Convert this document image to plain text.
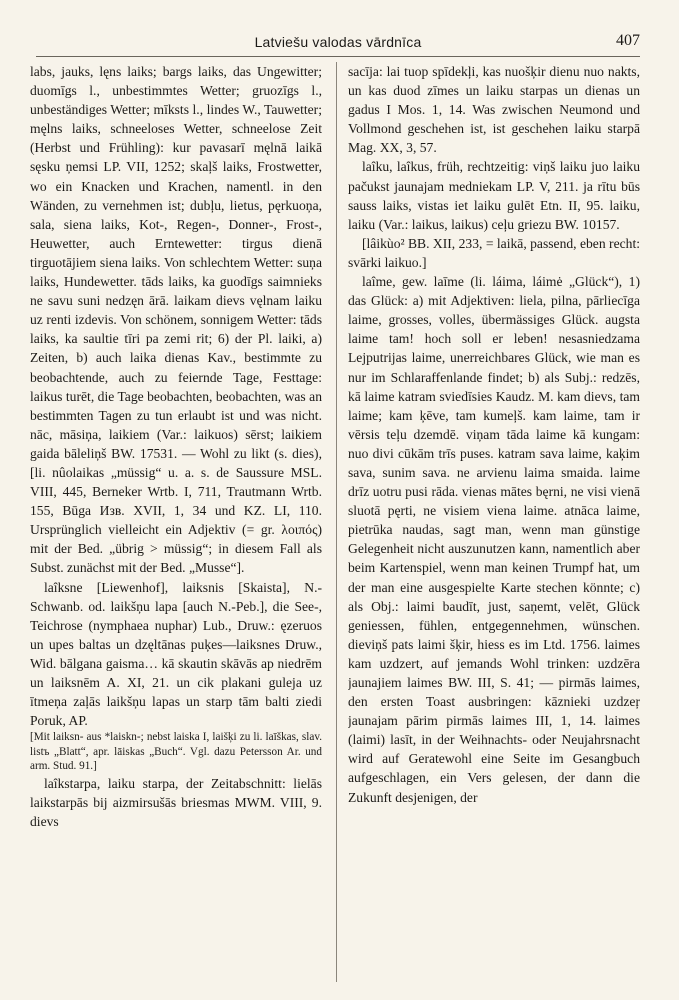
Latviešu valodas vārdnīca	407

labs, jauks, lęns laiks; bargs laiks, das Ungewitter; duomīgs l., unbestimmtes Wetter; gruozīgs l., unbeständiges Wetter; mīksts l., lindes W., Tauwetter; męlns laiks, schneeloses Wetter, schneelose Zeit (Herbst und Frühling): kur pavasarī męlnā laikā sęsku ņemsi LP. VII, 1252; skaļš laiks, Frostwetter, wo ein Knacken und Krachen, namentl. in den Wänden, zu vernehmen ist; dubļu, lietus, pęrkuoņa, sala, siena laiks, Kot-, Regen-, Donner-, Frost-, Heuwetter, auch Erntewetter: tirgus dienā tirguotājiem siena laiks. Von schlechtem Wetter: suņa laiks, Hundewetter. tāds laiks, ka guodīgs saimnieks ne savu suni nedzęn ārā. laikam dievs vęlnam laiku uz renti izdevis. Von schönem, sonnigem Wetter: tāds laiks, ka saultie tīri pa zemi rit; 6) der Pl. laiki, a) Zeiten, b) auch laika dienas Kav., bestimmte zu beobachtende, auch zu feiernde Tage, Festtage: laikus turēt, die Tage beobachten, beobachten, was an bestimmten Tagen zu tun erlaubt ist und was nicht. nāc, māsiņa, laikiem (Var.: laikuos) sērst; laikiem gaida bāleliņš BW. 17531. — Wohl zu likt (s. dies), [li. nûolaikas „müssig“ u. a. s. de Saussure MSL. VIII, 445, Berneker Wrtb. I, 711, Trautmann Wrtb. 155, Būga Изв. XVII, 1, 34 und KZ. LI, 110. Ursprünglich vielleicht ein Adjektiv (= gr. λοιπός) mit der Bed. „übrig > müssig“; in diesem Fall als Subst. zunächst mit der Bed. „Musse“].

laîksne [Liewenhof], laiksnis [Skaista], N.-Schwanb. od. laikšņu lapa [auch N.-Peb.], die See-, Teichrose (nymphaea nuphar) Lub., Druw.: ęzeruos un upes baltas un dzęltānas puķes—laiksnes Druw., Wid. bālgana gaisma… kā skautin skāvās ap niedrēm un laiksnēm A. XI, 21. un cik plakani guleja uz ītmeņa zaļās laikšņu lapas un starp tām balti ziedi Poruk, AP.

[Mit laiksn- aus *laiskn-; nebst laiska I, laišķi zu li. laīškas, slav. listъ „Blatt“, apr. lāiskas „Buch“. Vgl. dazu Petersson Ar. und arm. Stud. 91.]

laîkstarpa, laiku starpa, der Zeitabschnitt: lielās laikstarpās bij aizmirsušās briesmas MWM. VIII, 9. dievs

sacīja: lai tuop spīdekļi, kas nuošķir dienu nuo nakts, un kas duod zīmes un laiku starpas un dienas un gadus I Mos. 1, 14. Was zwischen Neumond und Vollmond geschehen ist, ist geschehen laiku starpā Mag. XX, 3, 57.

laîku, laîkus, früh, rechtzeitig: viņš laiku juo laiku pačukst jaunajam medniekam LP. V, 211. ja rītu būs sauss laiks, vistas iet laiku gulēt Etn. II, 95. laiku, laiku (Var.: laikus, laikus) ceļu griezu BW. 10157.

[lâikùo² BB. XII, 233, = laikā, passend, eben recht: svārki laikuo.]

laîme, gew. laīme (li. láima, láimė „Glück“), 1) das Glück: a) mit Adjektiven: liela, pilna, pārliecīga laime, grosses, volles, übermässiges Glück. augsta laime tam! hoch soll er leben! nesasniedzama Lejputrijas laime, unerreichbares Glück, wie man es nur im Schlaraffenlande findet; b) als Subj.: redzēs, kā laime katram sviedīsies Kaudz. M. kam dievs, tam laime; kam ķēve, tam kumeļš. kam laime, tam ir vērsis teļu dzemdē. viņam tāda laime kā kungam: nuo divi cūkām trīs puses. katram sava laime, kaķim sava, sunim sava. ne arvienu laima smaida. laime drīz uotru pusi rāda. vienas mātes bęrni, ne visi vienā sluotā pęrti, ne visiem viena laime. atnāca laime, pietrūka naudas, sagt man, wenn man günstige Gelegenheit nicht auszunutzen kann, namentlich aber beim Kartenspiel, wenn man keinen Trumpf hat, um der man eine ausgespielte Karte stechen könnte; c) als Obj.: laimi baudīt, just, saņemt, velēt, Glück geniessen, fühlen, entgegennehmen, wünschen. dieviņš pats laimi šķir, hiess es im Ltd. 1756. laimes kam uzdzert, auf jemands Wohl trinken: uzdzēra jaunajiem laimes BW. III, S. 41; — pirmās laimes, den ersten Toast ausbringen: kāznieki uzdzeŗ jaunajam pārim pirmās laimes III, 1, 14. laimes (laimi) lasīt, in der Weihnachts- oder Neujahrsnacht wird auf Geratewohl eine Seite im Gesangbuch aufgeschlagen, ein Vers gelesen, der dann die Zukunft desjenigen, der
